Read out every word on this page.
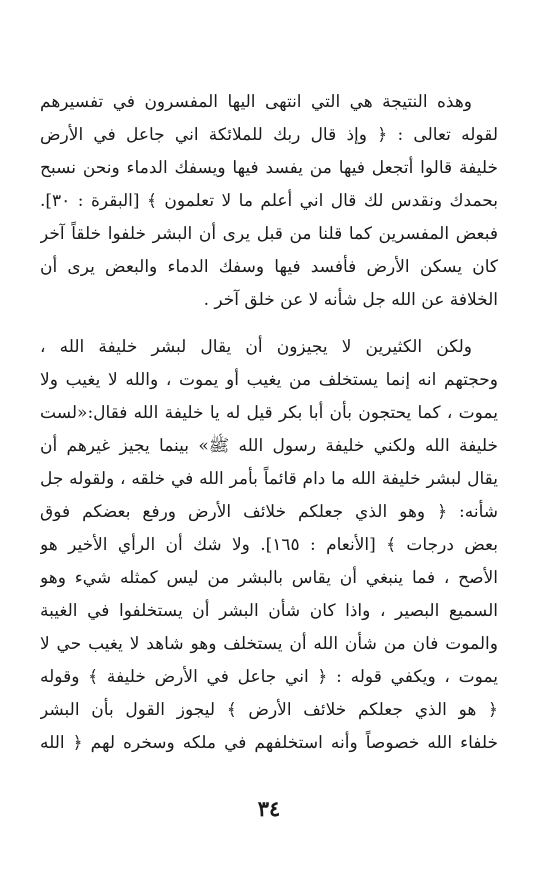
وهذه النتيجة هي التي انتهى اليها المفسرون في تفسيرهم
لقوله تعالى : ﴿ وإذ قال ربك للملائكة اني جاعل في الأرض
خليفة قالوا أتجعل فيها من يفسد فيها ويسفك الدماء ونحن نسبح
بحمدك ونقدس لك قال اني أعلم ما لا تعلمون ﴾ [البقرة : ٣٠].
فبعض المفسرين كما قلنا من قبل يرى أن البشر خلفوا خلقاً آخر
كان يسكن الأرض فأفسد فيها وسفك الدماء والبعض يرى أن
الخلافة عن الله جل شأنه لا عن خلق آخر .
ولكن الكثيرين لا يجيزون أن يقال لبشر خليفة الله ،
وحجتهم انه إنما يستخلف من يغيب أو يموت ، والله لا يغيب ولا
يموت ، كما يحتجون بأن أبا بكر قيل له يا خليفة الله فقال:«لست
خليفة الله ولكني خليفة رسول الله ﷺ» بينما يجيز غيرهم أن
يقال لبشر خليفة الله ما دام قائماً بأمر الله في خلقه ، ولقوله جل
شأنه: ﴿ وهو الذي جعلكم خلائف الأرض ورفع بعضكم فوق
بعض درجات ﴾ [الأنعام : ١٦٥]. ولا شك أن الرأي الأخير هو
الأصح ، فما ينبغي أن يقاس بالبشر من ليس كمثله شيء وهو
السميع البصير ، واذا كان شأن البشر أن يستخلفوا في الغيبة
والموت فان من شأن الله أن يستخلف وهو شاهد لا يغيب حي لا
يموت ، ويكفي قوله : ﴿ اني جاعل في الأرض خليفة ﴾ وقوله
﴿ هو الذي جعلكم خلائف الأرض ﴾ ليجوز القول بأن البشر
خلفاء الله خصوصاً وأنه استخلفهم في ملكه وسخره لهم ﴿ الله
٣٤
